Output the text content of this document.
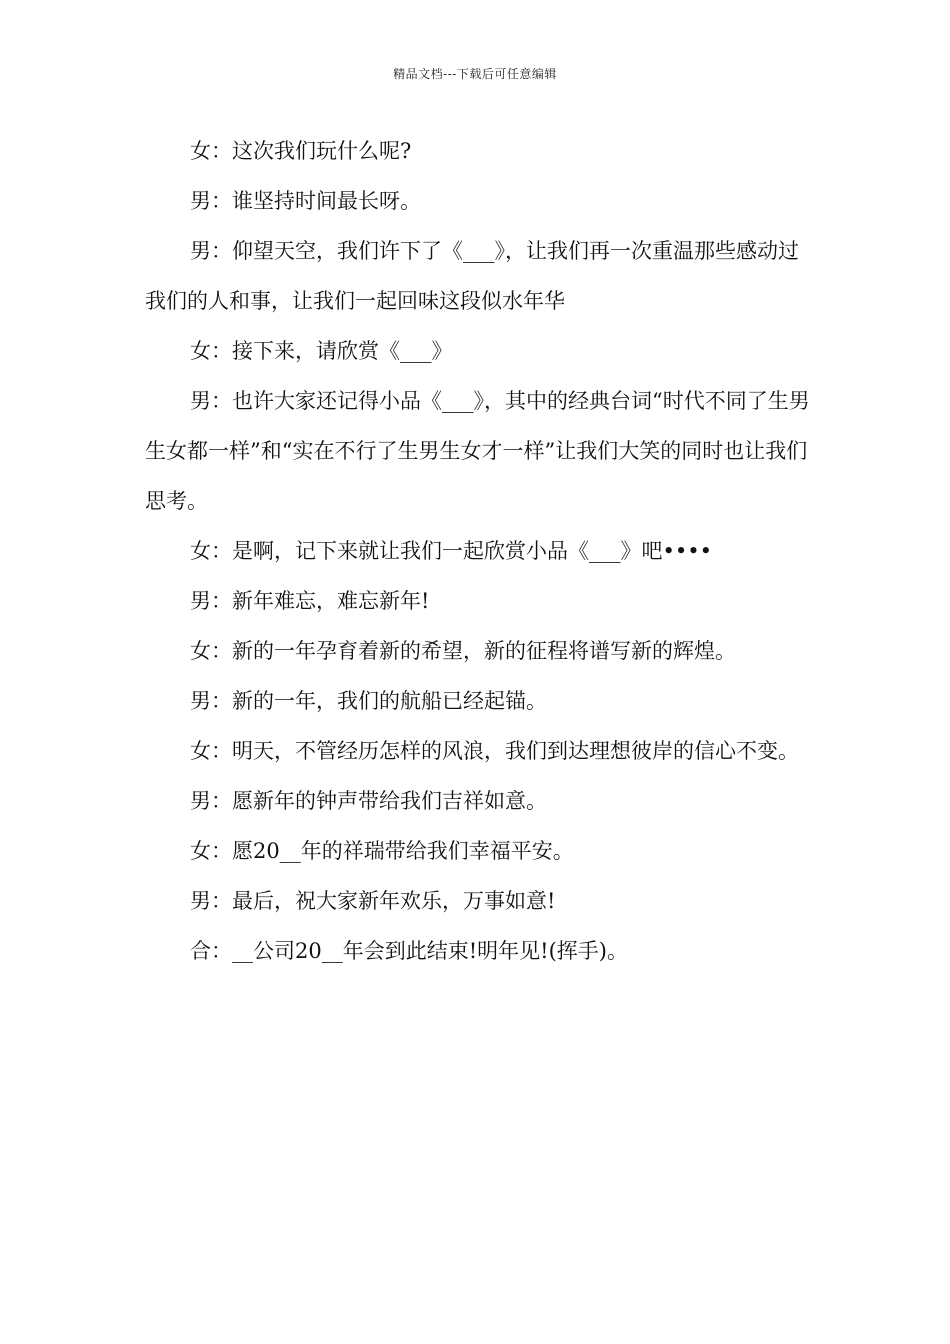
精品文档---下载后可任意编辑

女：这次我们玩什么呢?

男：谁坚持时间最长呀。

男：仰望天空，我们许下了《___》，让我们再一次重温那些感动过我们的人和事，让我们一起回味这段似水年华

女：接下来，请欣赏《___》

男：也许大家还记得小品《___》，其中的经典台词“时代不同了生男生女都一样”和“实在不行了生男生女才一样”让我们大笑的同时也让我们思考。

女：是啊，记下来就让我们一起欣赏小品《___》吧••••

男：新年难忘，难忘新年!

女：新的一年孕育着新的希望，新的征程将谱写新的辉煌。

男：新的一年，我们的航船已经起锚。

女：明天，不管经历怎样的风浪，我们到达理想彼岸的信心不变。

男：愿新年的钟声带给我们吉祥如意。

女：愿20__年的祥瑞带给我们幸福平安。

男：最后，祝大家新年欢乐，万事如意!

合：__公司20__年会到此结束!明年见!(挥手)。
